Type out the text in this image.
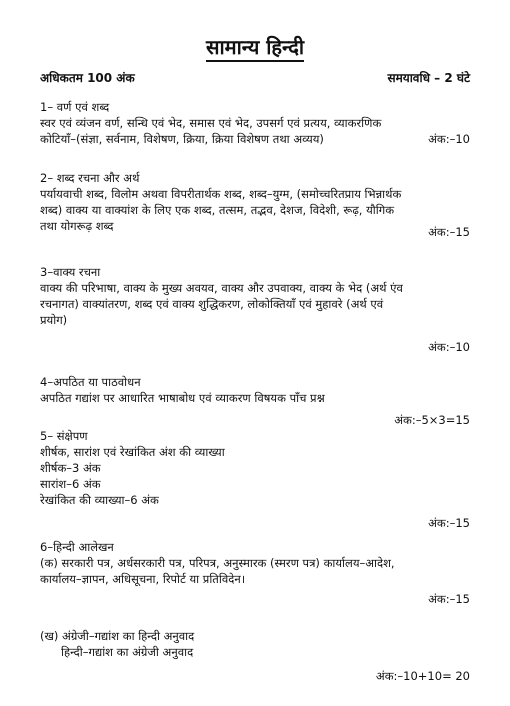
सामान्य हिन्दी
अधिकतम 100 अंक	समयावधि – 2 घंटे
1– वर्ण एवं शब्द
स्वर एवं व्यंजन वर्ण, सन्धि एवं भेद, समास एवं भेद, उपसर्ग एवं प्रत्यय, व्याकरणिक
कोटियाँ–(संज्ञा, सर्वनाम, विशेषण, क्रिया, क्रिया विशेषण तथा अव्यय)	अंक:–10
2– शब्द रचना और अर्थ
पर्यायवाची शब्द, विलोम अथवा विपरीतार्थक शब्द, शब्द–युग्म, (समोच्चरितप्राय भिन्नार्थक
शब्द) वाक्य या वाक्यांश के लिए एक शब्द, तत्सम, तद्भव, देशज, विदेशी, रूढ़, यौगिक
तथा योगरूढ़ शब्द	अंक:–15
3–वाक्य रचना
वाक्य की परिभाषा, वाक्य के मुख्य अवयव, वाक्य और उपवाक्य, वाक्य के भेद (अर्थ एंव
रचनागत) वाक्यांतरण, शब्द एवं वाक्य शुद्धिकरण, लोकोक्तियाँ एवं मुहावरे (अर्थ एवं
प्रयोग)
अंक:–10
4–अपठित या पाठवोधन
अपठित गद्यांश पर आधारित भाषाबोध एवं व्याकरण विषयक पाँच प्रश्न
अंक:–5×3=15
5– संक्षेपण
शीर्षक, सारांश एवं रेखांकित अंश की व्याख्या
शीर्षक–3 अंक
सारांश–6 अंक
रेखांकित की व्याख्या–6 अंक
अंक:–15
6–हिन्दी आलेखन
(क) सरकारी पत्र, अर्धसरकारी पत्र, परिपत्र, अनुस्मारक (स्मरण पत्र) कार्यालय–आदेश,
कार्यालय–ज्ञापन, अधिसूचना, रिपोर्ट या प्रतिविदेन।
अंक:–15
(ख) अंग्रेजी–गद्यांश का हिन्दी अनुवाद
हिन्दी–गद्यांश का अंग्रेजी अनुवाद
अंक:–10+10= 20
